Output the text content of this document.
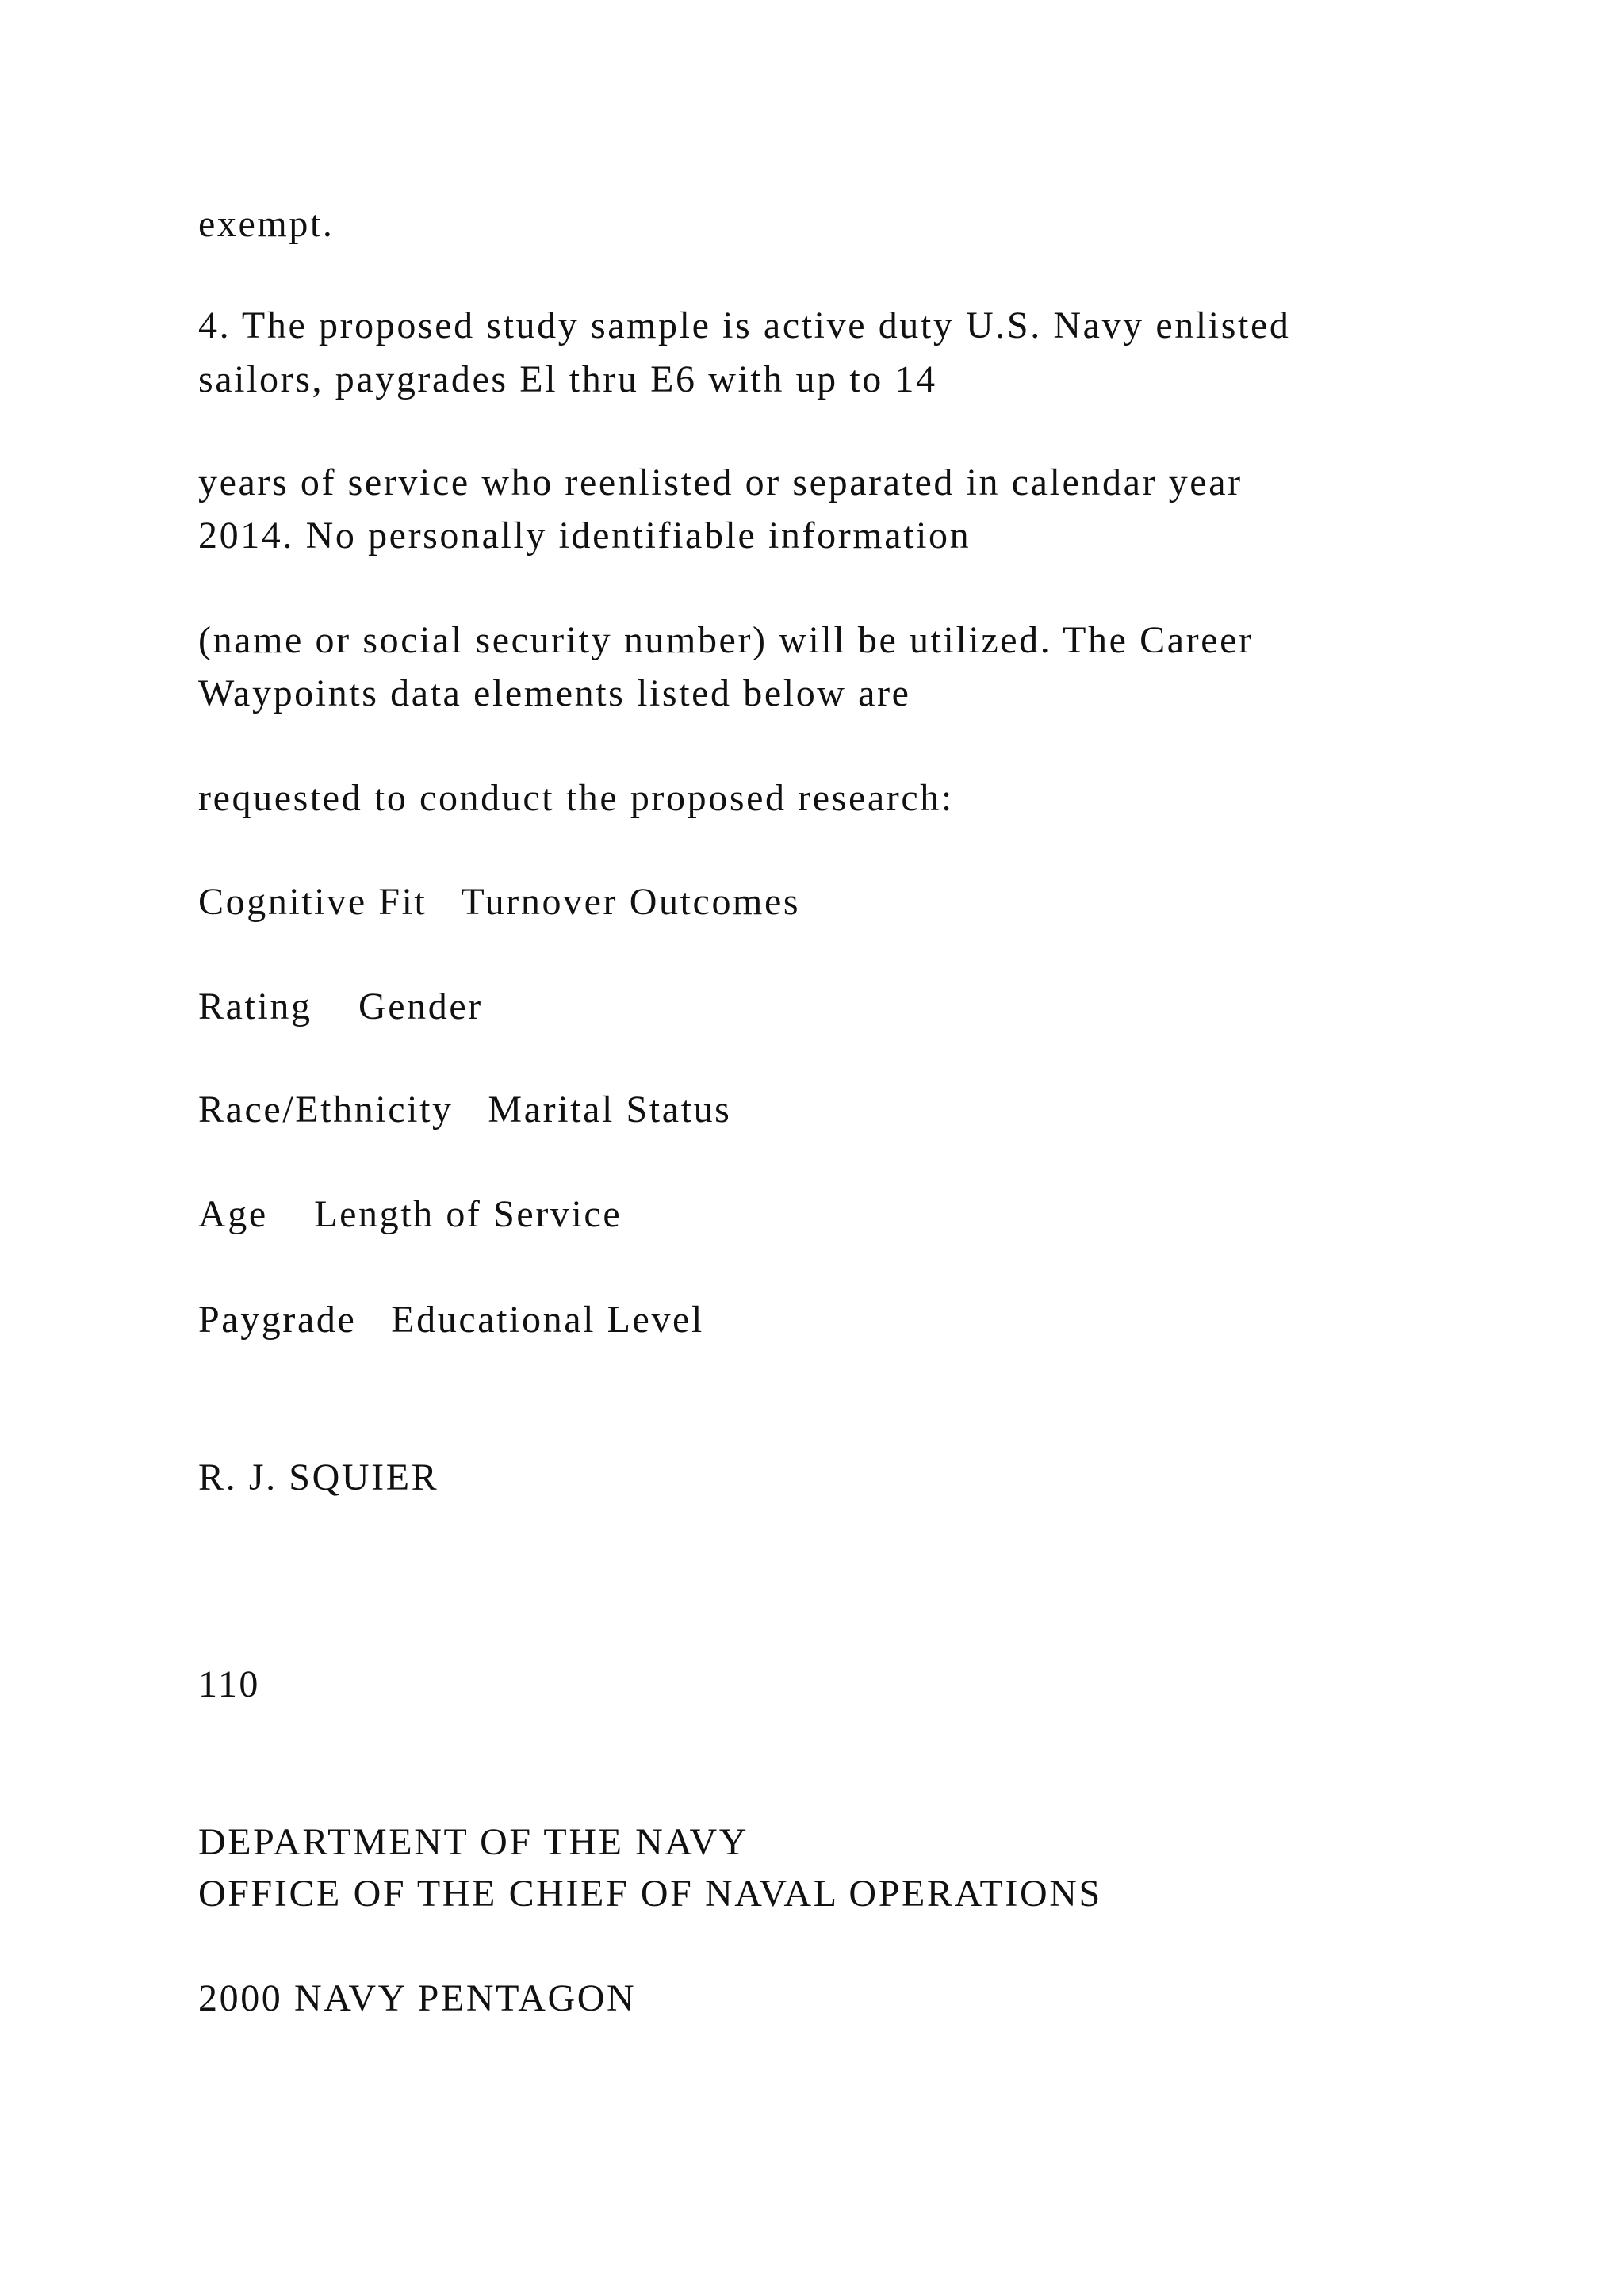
exempt.
4. The proposed study sample is active duty U.S. Navy enlisted
sailors, paygrades El thru E6 with up to 14
years of service who reenlisted or separated in calendar year
2014. No personally identifiable information
(name or social security number) will be utilized. The Career
Waypoints data elements listed below are
requested to conduct the proposed research:
Cognitive Fit   Turnover Outcomes
Rating    Gender
Race/Ethnicity   Marital Status
Age    Length of Service
Paygrade   Educational Level
R. J. SQUIER
110
DEPARTMENT OF THE NAVY
OFFICE OF THE CHIEF OF NAVAL OPERATIONS
2000 NAVY PENTAGON
